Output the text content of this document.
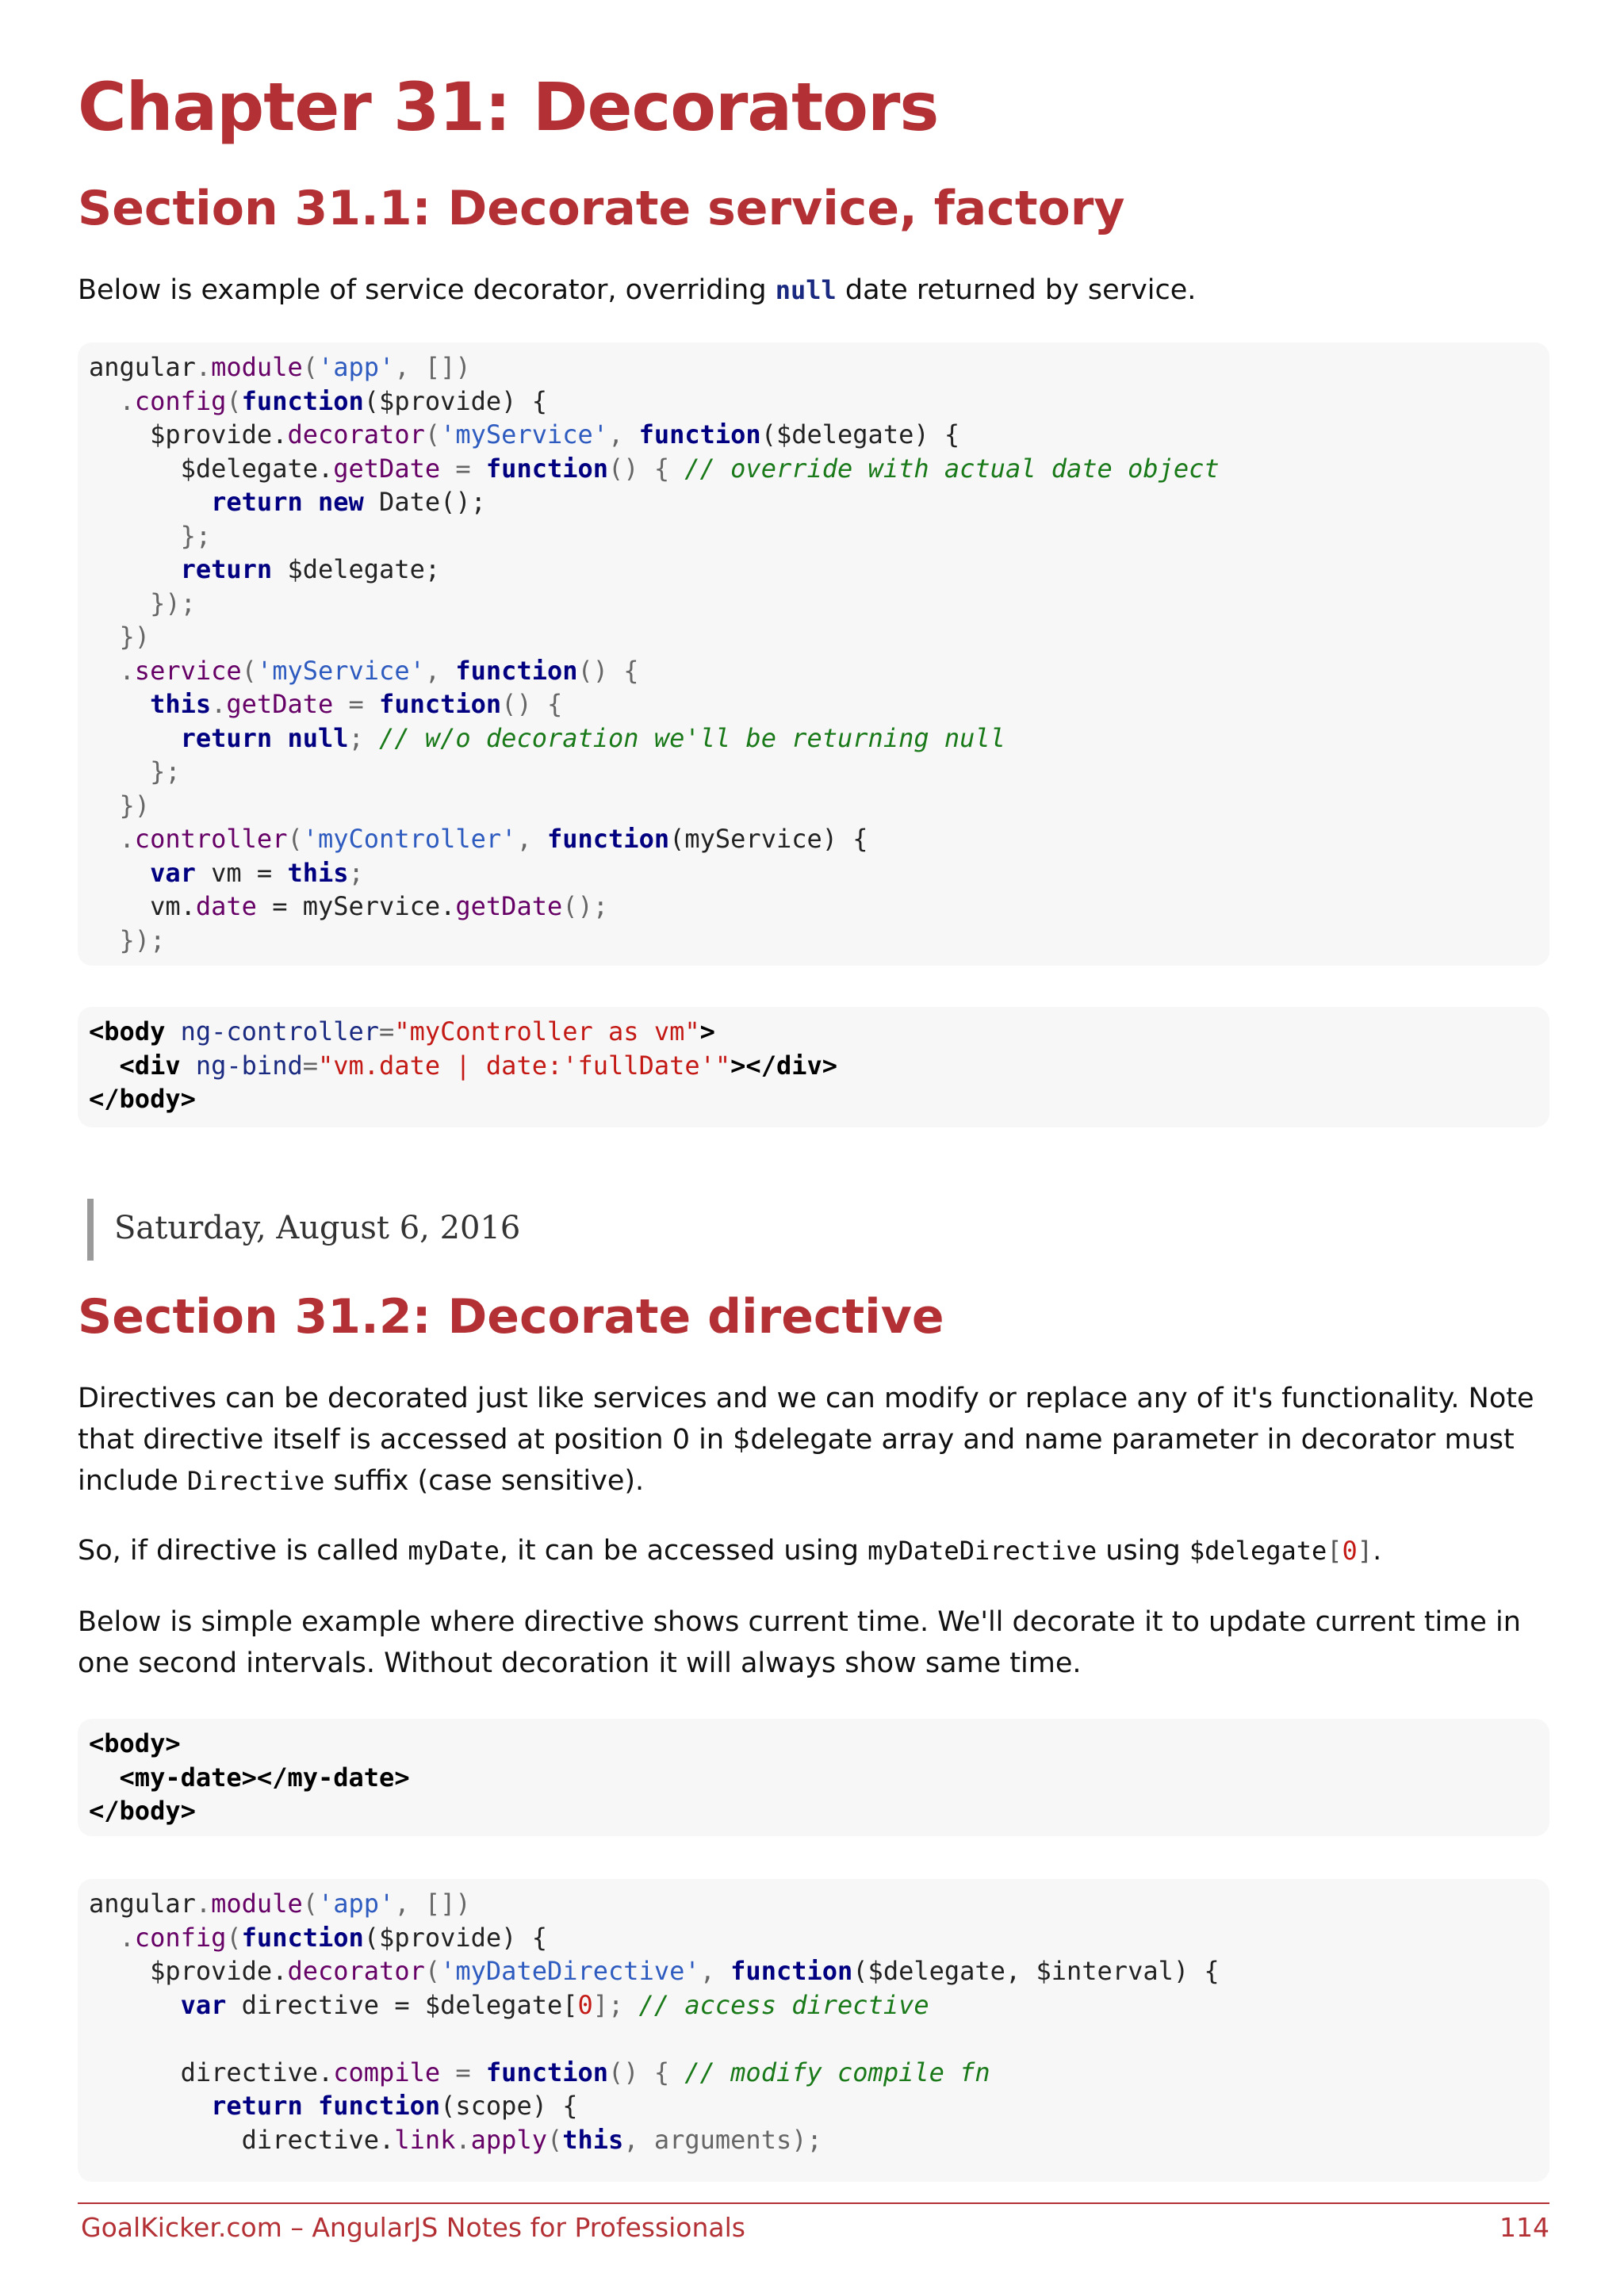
Chapter 31: Decorators
Section 31.1: Decorate service, factory

Below is example of service decorator, overriding null date returned by service.

angular.module('app', [])
.config(function($provide) {
$provide.decorator('myService', function($delegate) {
$delegate.getDate = function() { // override with actual date object
return new Date();
};
return $delegate;
});
})
.service('myService', function() {
this.getDate = function() {
return null; // w/o decoration we'll be returning null
};
})
.controller('myController', function(myService) {
var vm = this;
vm.date = myService.getDate();
});
<body ng-controller="myController as vm">
<div ng-bind="vm.date | date:'fullDate'"></div>
</body>
Saturday, August 6, 2016
Section 31.2: Decorate directive

Directives can be decorated just like services and we can modify or replace any of it's functionality. Note that directive itself is accessed at position 0 in $delegate array and name parameter in decorator must include Directive suffix (case sensitive).

So, if directive is called myDate, it can be accessed using myDateDirective using $delegate[0].

Below is simple example where directive shows current time. We'll decorate it to update current time in one second intervals. Without decoration it will always show same time.

<body>
<my-date></my-date>
</body>
angular.module('app', [])
.config(function($provide) {
$provide.decorator('myDateDirective', function($delegate, $interval) {
var directive = $delegate[0]; // access directive

directive.compile = function() { // modify compile fn
return function(scope) {
directive.link.apply(this, arguments);
GoalKicker.com – AngularJS Notes for Professionals	114
